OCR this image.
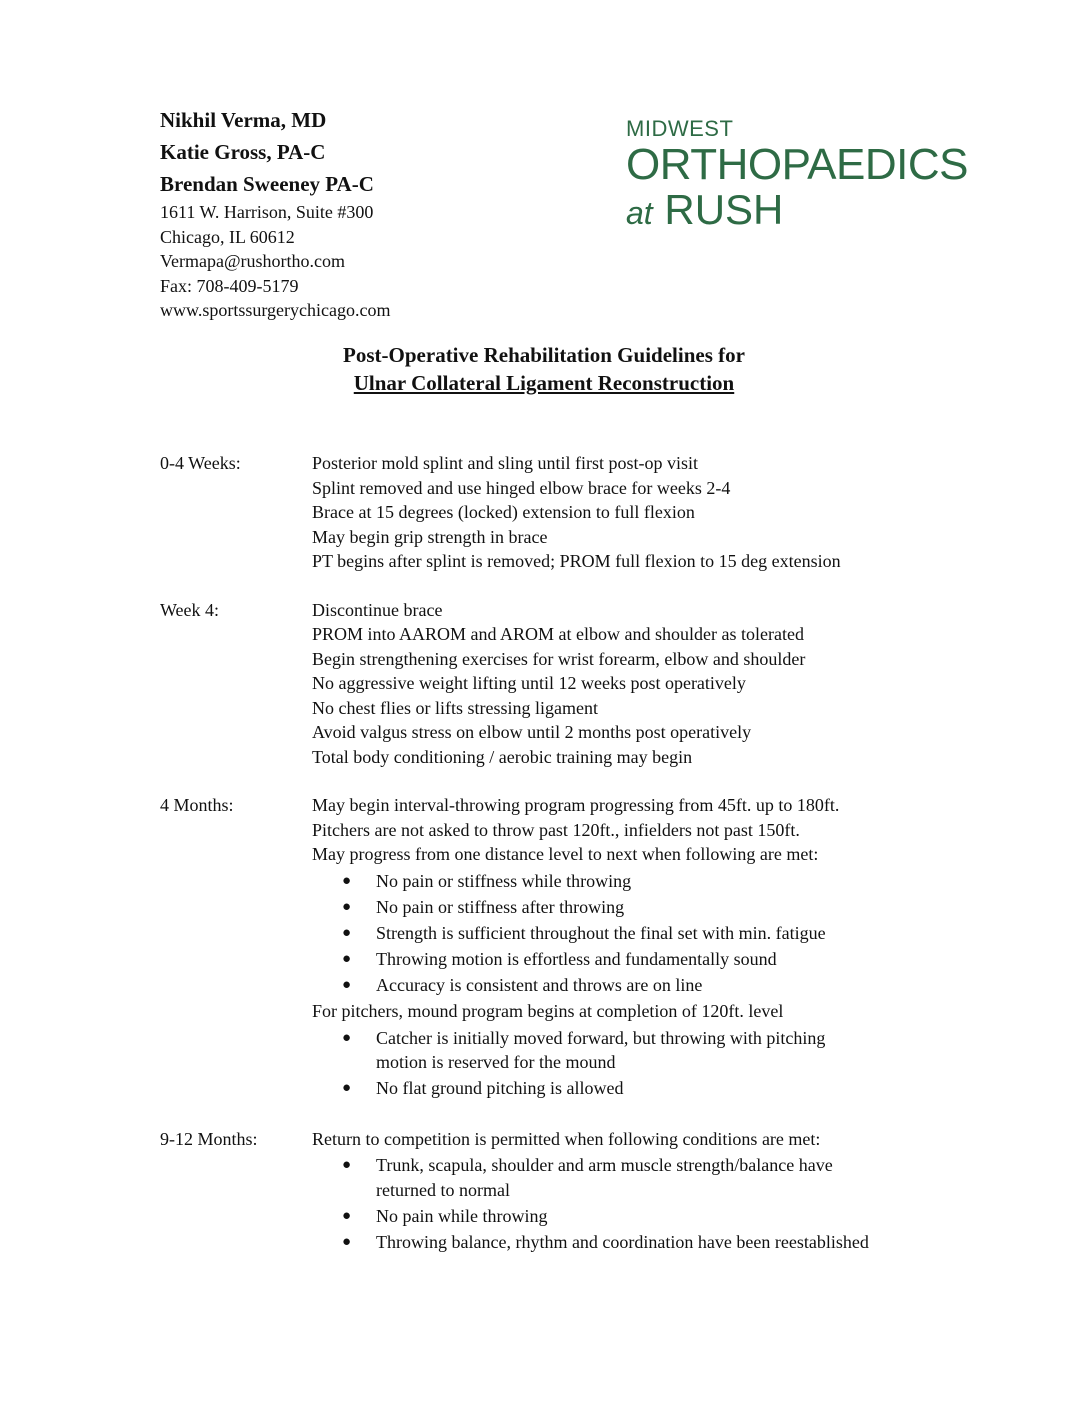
Nikhil Verma, MD
Katie Gross, PA-C
Brendan Sweeney PA-C
1611 W. Harrison, Suite #300
Chicago, IL 60612
Vermapa@rushortho.com
Fax: 708-409-5179
www.sportssurgerychicago.com
MIDWEST
ORTHOPAEDICS
at RUSH
Post-Operative Rehabilitation Guidelines for
Ulnar Collateral Ligament Reconstruction
0-4 Weeks:	Posterior mold splint and sling until first post-op visit
Splint removed and use hinged elbow brace for weeks 2-4
Brace at 15 degrees (locked) extension to full flexion
May begin grip strength in brace
PT begins after splint is removed; PROM full flexion to 15 deg extension
Week 4:	Discontinue brace
PROM into AAROM and AROM at elbow and shoulder as tolerated
Begin strengthening exercises for wrist forearm, elbow and shoulder
No aggressive weight lifting until 12 weeks post operatively
No chest flies or lifts stressing ligament
Avoid valgus stress on elbow until 2 months post operatively
Total body conditioning / aerobic training may begin
4 Months:	May begin interval-throwing program progressing from 45ft. up to 180ft.
Pitchers are not asked to throw past 120ft., infielders not past 150ft.
May progress from one distance level to next when following are met:
● No pain or stiffness while throwing
● No pain or stiffness after throwing
● Strength is sufficient throughout the final set with min. fatigue
● Throwing motion is effortless and fundamentally sound
● Accuracy is consistent and throws are on line
For pitchers, mound program begins at completion of 120ft. level
● Catcher is initially moved forward, but throwing with pitching motion is reserved for the mound
● No flat ground pitching is allowed
9-12 Months:	Return to competition is permitted when following conditions are met:
● Trunk, scapula, shoulder and arm muscle strength/balance have returned to normal
● No pain while throwing
● Throwing balance, rhythm and coordination have been reestablished
